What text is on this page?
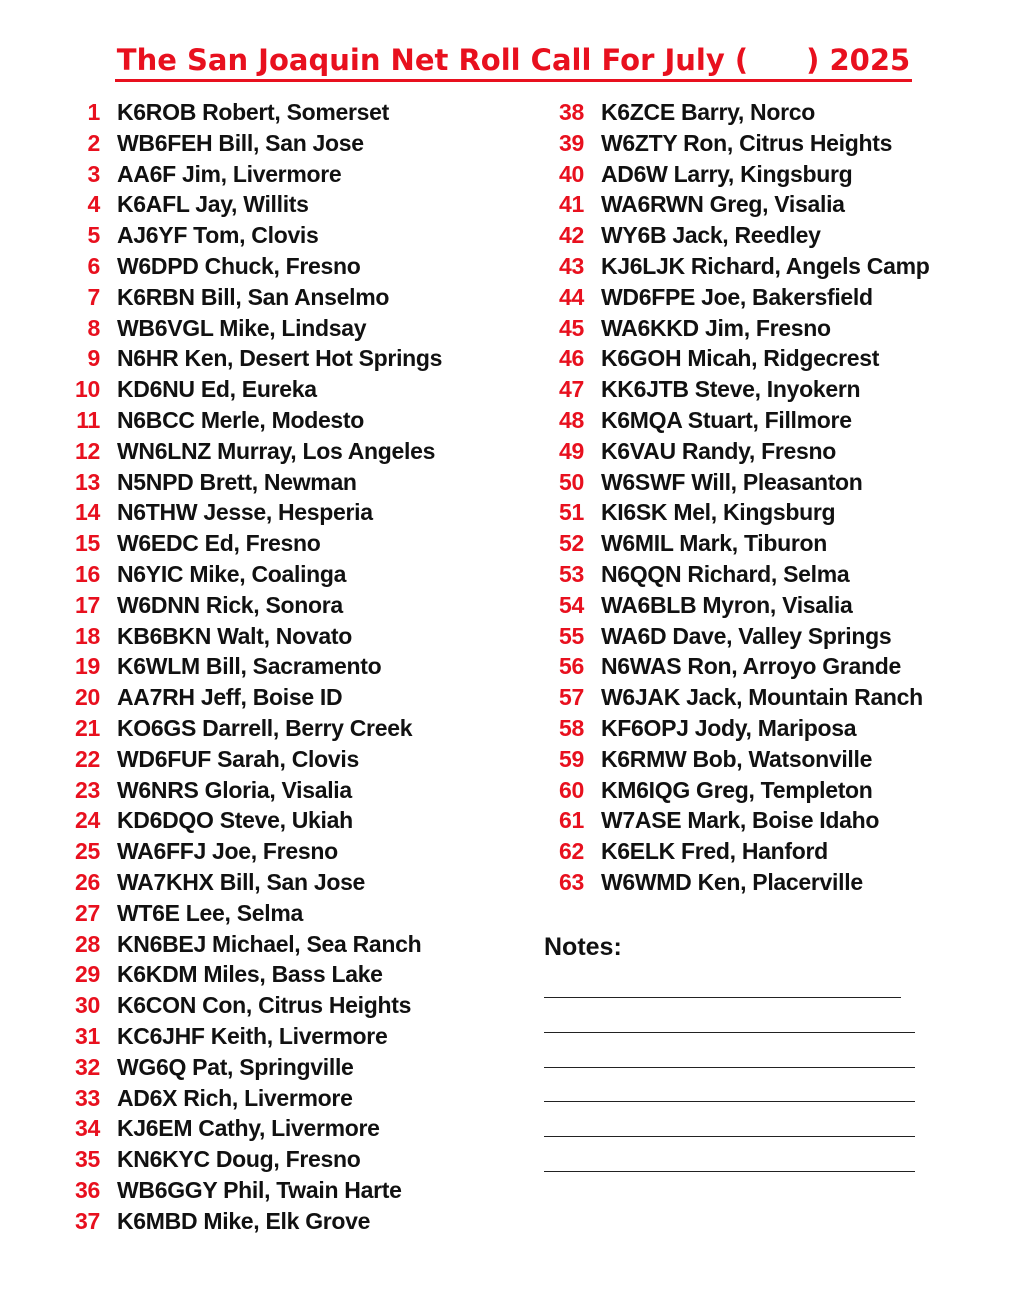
The San Joaquin Net Roll Call For July ( ) 2025
1 K6ROB Robert, Somerset
2 WB6FEH Bill, San Jose
3 AA6F Jim, Livermore
4 K6AFL Jay, Willits
5 AJ6YF Tom, Clovis
6 W6DPD Chuck, Fresno
7 K6RBN Bill, San Anselmo
8 WB6VGL Mike, Lindsay
9 N6HR Ken, Desert Hot Springs
10 KD6NU Ed, Eureka
11 N6BCC Merle, Modesto
12 WN6LNZ Murray, Los Angeles
13 N5NPD Brett, Newman
14 N6THW Jesse, Hesperia
15 W6EDC Ed, Fresno
16 N6YIC Mike, Coalinga
17 W6DNN Rick, Sonora
18 KB6BKN Walt, Novato
19 K6WLM Bill, Sacramento
20 AA7RH Jeff, Boise ID
21 KO6GS Darrell, Berry Creek
22 WD6FUF Sarah, Clovis
23 W6NRS Gloria, Visalia
24 KD6DQO Steve, Ukiah
25 WA6FFJ Joe, Fresno
26 WA7KHX Bill, San Jose
27 WT6E Lee, Selma
28 KN6BEJ Michael, Sea Ranch
29 K6KDM Miles, Bass Lake
30 K6CON Con, Citrus Heights
31 KC6JHF Keith, Livermore
32 WG6Q Pat, Springville
33 AD6X Rich, Livermore
34 KJ6EM Cathy, Livermore
35 KN6KYC Doug, Fresno
36 WB6GGY Phil, Twain Harte
37 K6MBD Mike, Elk Grove
38 K6ZCE Barry, Norco
39 W6ZTY Ron, Citrus Heights
40 AD6W Larry, Kingsburg
41 WA6RWN Greg, Visalia
42 WY6B Jack, Reedley
43 KJ6LJK Richard, Angels Camp
44 WD6FPE Joe, Bakersfield
45 WA6KKD Jim, Fresno
46 K6GOH Micah, Ridgecrest
47 KK6JTB Steve, Inyokern
48 K6MQA Stuart, Fillmore
49 K6VAU Randy, Fresno
50 W6SWF Will, Pleasanton
51 KI6SK Mel, Kingsburg
52 W6MIL Mark, Tiburon
53 N6QQN Richard, Selma
54 WA6BLB Myron, Visalia
55 WA6D Dave, Valley Springs
56 N6WAS Ron, Arroyo Grande
57 W6JAK Jack, Mountain Ranch
58 KF6OPJ Jody, Mariposa
59 K6RMW Bob, Watsonville
60 KM6IQG Greg, Templeton
61 W7ASE Mark, Boise Idaho
62 K6ELK Fred, Hanford
63 W6WMD Ken, Placerville
Notes:
